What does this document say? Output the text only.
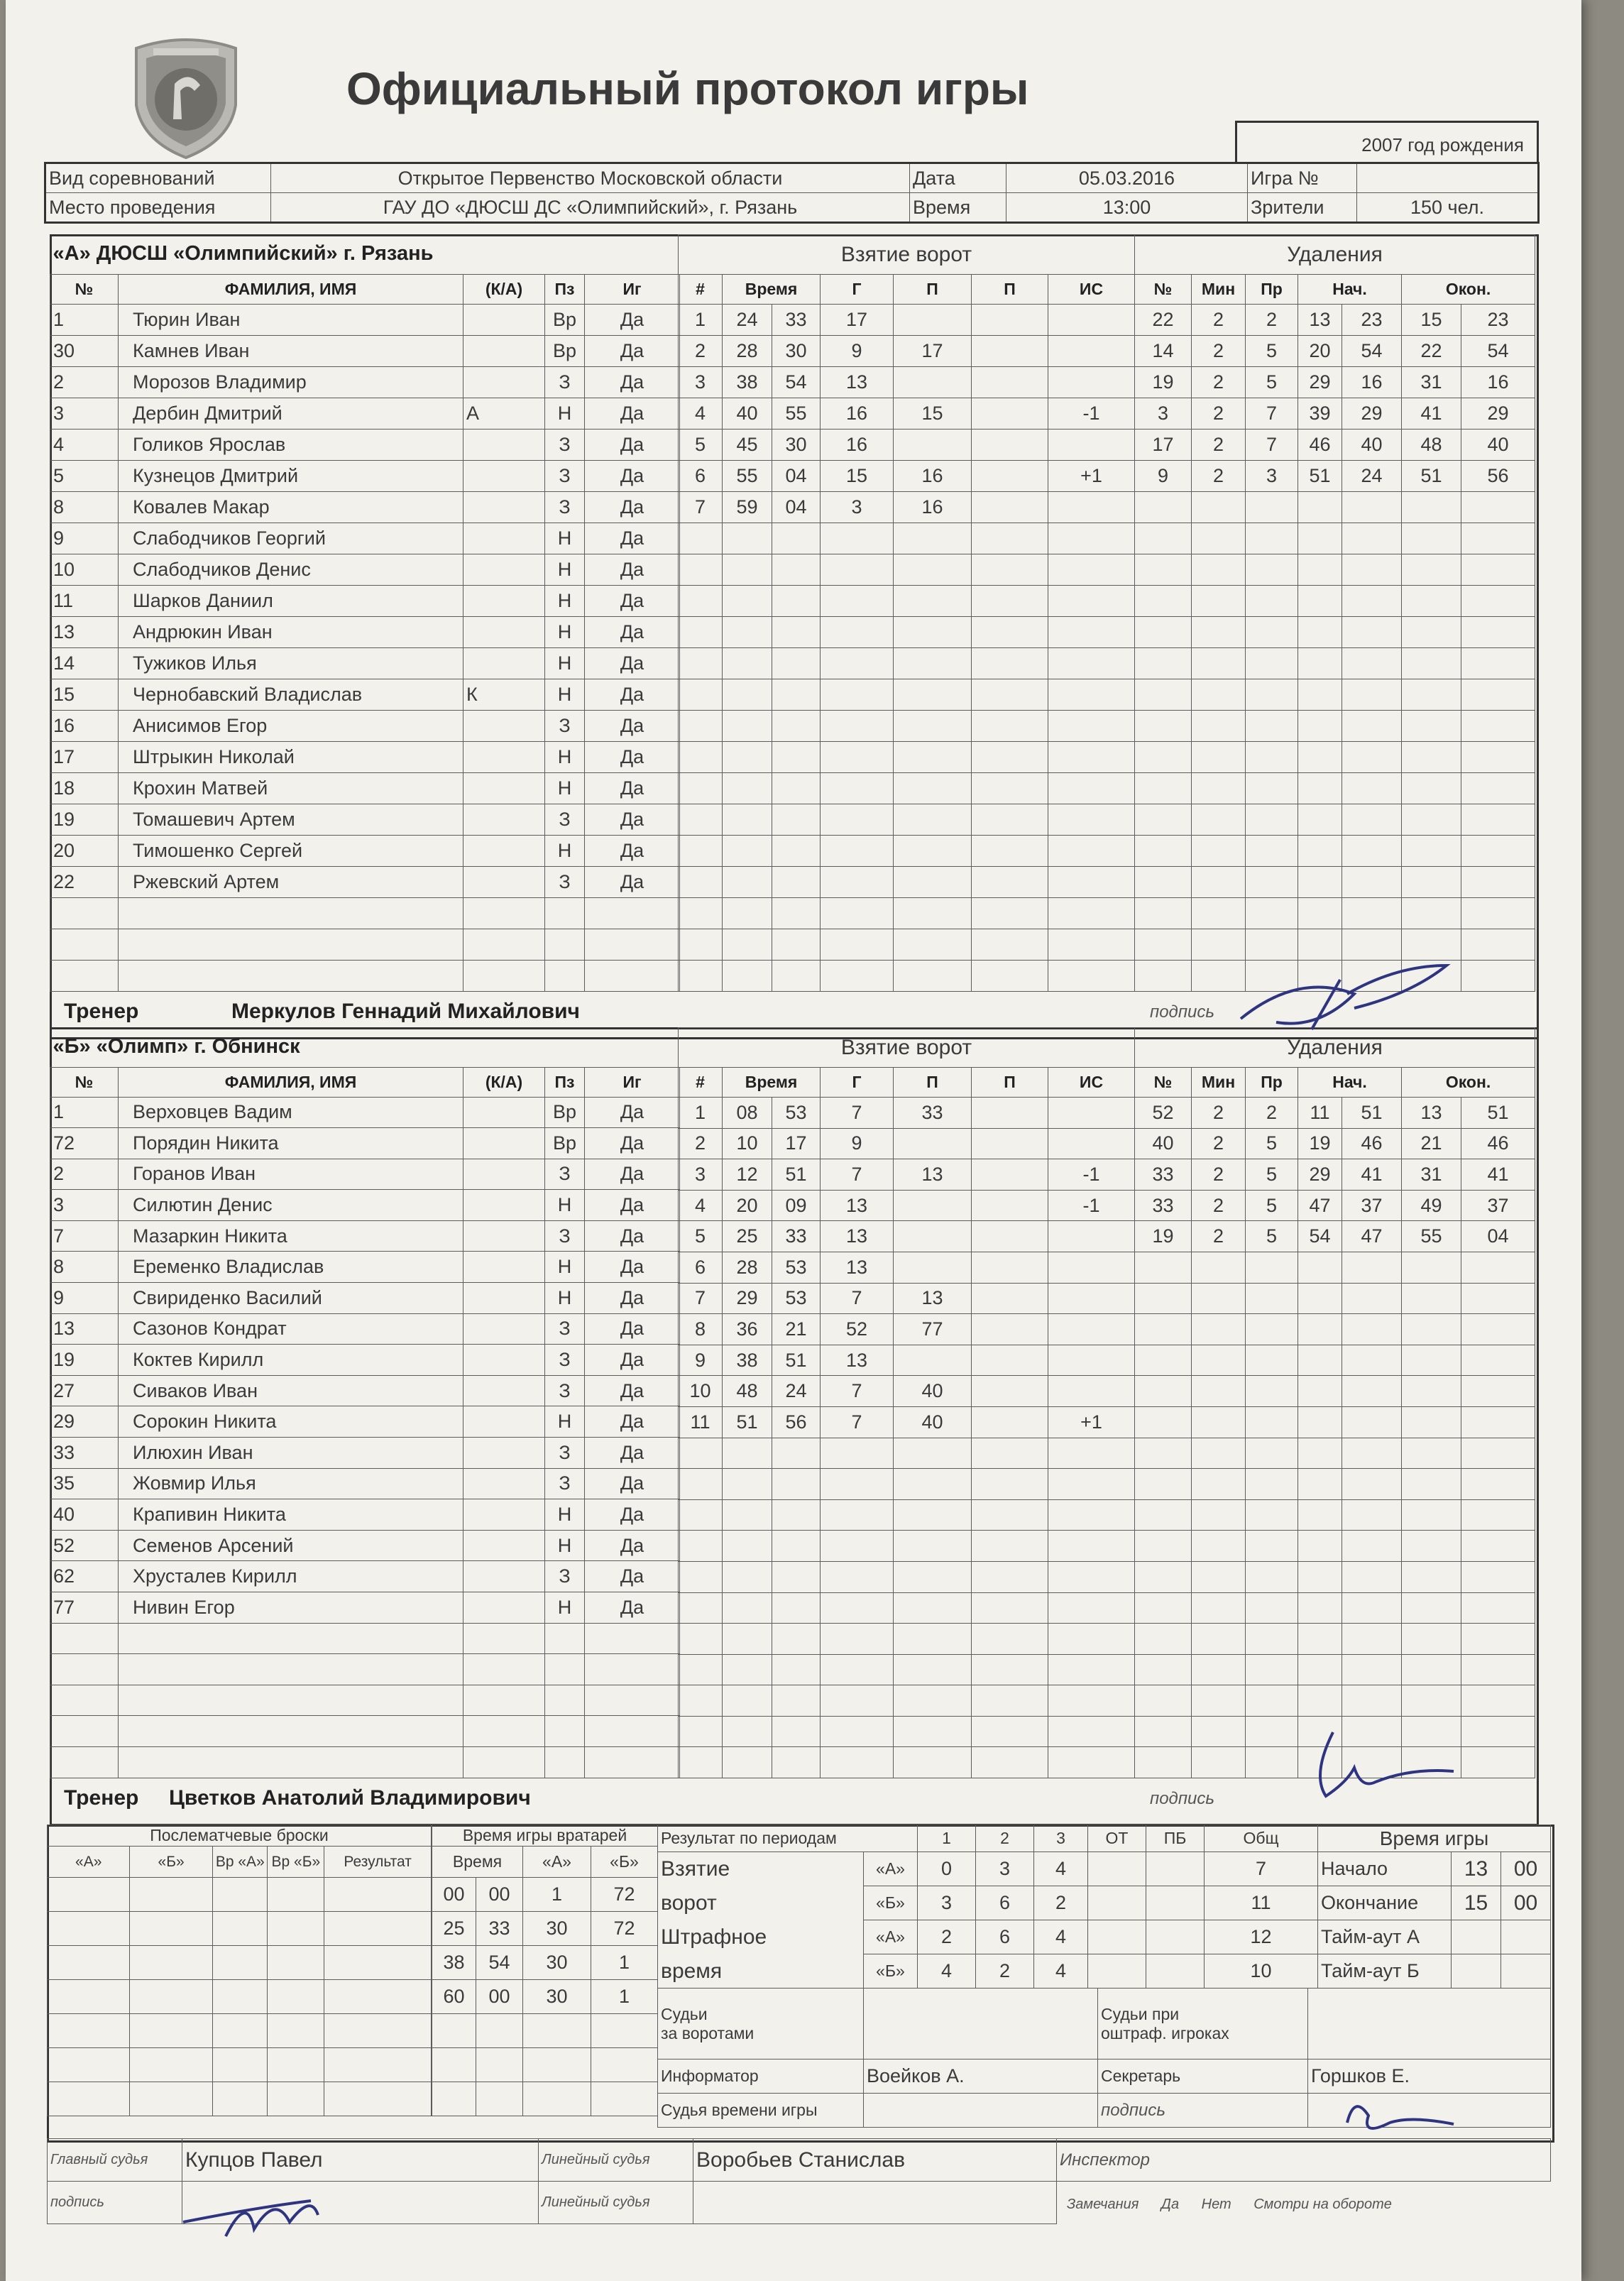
Официальный протокол игры
2007 год рождения
Вид соревнований	Открытое Первенство Московской области	Дата	05.03.2016	Игра №	
Место проведения	ГАУ ДО «ДЮСШ ДС «Олимпийский», г. Рязань	Время	13:00	Зрители	150 чел.
«А» ДЮСШ «Олимпийский» г. Рязань				
№	ФАМИЛИЯ, ИМЯ	(К/А)	Пз	Иг
1	Тюрин Иван		Вр	Да
30	Камнев Иван		Вр	Да
2	Морозов Владимир		З	Да
3	Дербин Дмитрий	А	Н	Да
4	Голиков Ярослав		З	Да
5	Кузнецов Дмитрий		З	Да
8	Ковалев Макар		З	Да
9	Слабодчиков Георгий		Н	Да
10	Слабодчиков Денис		Н	Да
11	Шарков Даниил		Н	Да
13	Андрюкин Иван		Н	Да
14	Тужиков Илья		Н	Да
15	Чернобавский Владислав	К	Н	Да
16	Анисимов Егор		З	Да
17	Штрыкин Николай		Н	Да
18	Крохин Матвей		Н	Да
19	Томашевич Артем		З	Да
20	Тимошенко Сергей		Н	Да
22	Ржевский Артем		З	Да

Взятие ворот						
#	Время		Г	П	П	ИС
1	24	33	17			
2	28	30	9	17		
3	38	54	13			
4	40	55	16	15		-1
5	45	30	16			
6	55	04	15	16		+1
7	59	04	3	16		

Удаления						
№	Мин	Пр	Нач.		Окон.	
22	2	2	13	23	15	23
14	2	5	20	54	22	54
19	2	5	29	16	31	16
3	2	7	39	29	41	29
17	2	7	46	40	48	40
9	2	3	51	24	51	56

Тренер	Меркулов Геннадий Михайлович	подпись
«Б» «Олимп» г. Обнинск				
№	ФАМИЛИЯ, ИМЯ	(К/А)	Пз	Иг
1	Верховцев Вадим		Вр	Да
72	Порядин Никита		Вр	Да
2	Горанов Иван		З	Да
3	Силютин Денис		Н	Да
7	Мазаркин Никита		З	Да
8	Еременко Владислав		Н	Да
9	Свириденко Василий		Н	Да
13	Сазонов Кондрат		З	Да
19	Коктев Кирилл		З	Да
27	Сиваков Иван		З	Да
29	Сорокин Никита		Н	Да
33	Илюхин Иван		З	Да
35	Жовмир Илья		З	Да
40	Крапивин Никита		Н	Да
52	Семенов Арсений		Н	Да
62	Хрусталев Кирилл		З	Да
77	Нивин Егор		Н	Да

Взятие ворот						
#	Время		Г	П	П	ИС
1	08	53	7	33		
2	10	17	9			
3	12	51	7	13		-1
4	20	09	13			-1
5	25	33	13			
6	28	53	13			
7	29	53	7	13		
8	36	21	52	77		
9	38	51	13			
10	48	24	7	40		
11	51	56	7	40		+1

Удаления						
№	Мин	Пр	Нач.		Окон.	
52	2	2	11	51	13	51
40	2	5	19	46	21	46
33	2	5	29	41	31	41
33	2	5	47	37	49	37
19	2	5	54	47	55	04

Тренер Цветков Анатолий Владимирович	подпись
Послематчевые броски				
«А»	«Б»	Вр «А»	Вр «Б»	Результат

Время игры вратарей			
Время		«А»	«Б»
00	00	1	72
25	33	30	72
38	54	30	1
60	00	30	1

Результат по периодам		1	2	3	ОТ	ПБ	Общ
Взятие	«А»	0	3	4			7
ворот	«Б»	3	6	2			11
Штрафное	«А»	2	6	4			12
время	«Б»	4	2	4			10
Время игры		
Начало	13	00
Окончание	15	00
Тайм-аут А		
Тайм-аут Б		
Судьи
за воротами		Судьи при
оштраф. игроках	
Информатор	Воейков А.	Секретарь	Горшков Е.
Судья времени игры		подпись	
Главный судья	Купцов Павел	Линейный судья	Воробьев Станислав	Инспектор
подпись		Линейный судья		Замечания Да Нет Смотри на обороте
